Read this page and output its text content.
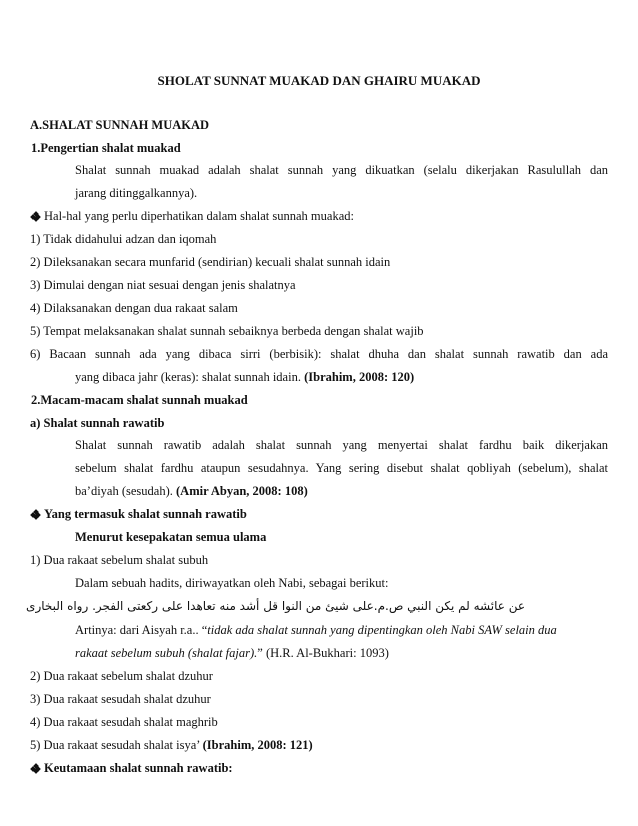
SHOLAT SUNNAT MUAKAD DAN GHAIRU MUAKAD
A.SHALAT SUNNAH MUAKAD
1.Pengertian shalat muakad
Shalat sunnah muakad adalah shalat sunnah yang dikuatkan (selalu dikerjakan Rasulullah dan
jarang ditinggalkannya).
Hal-hal yang perlu diperhatikan dalam shalat sunnah muakad:
1) Tidak didahului adzan dan iqomah
2) Dileksanakan secara munfarid (sendirian) kecuali shalat sunnah idain
3) Dimulai dengan niat sesuai dengan jenis shalatnya
4) Dilaksanakan dengan dua rakaat salam
5) Tempat melaksanakan shalat sunnah sebaiknya berbeda dengan shalat wajib
6) Bacaan sunnah ada yang dibaca sirri (berbisik): shalat dhuha dan shalat sunnah rawatib dan ada
yang dibaca jahr (keras): shalat sunnah idain. (Ibrahim, 2008: 120)
2.Macam-macam shalat sunnah muakad
a) Shalat sunnah rawatib
Shalat sunnah rawatib adalah shalat sunnah yang menyertai shalat fardhu baik dikerjakan
sebelum shalat fardhu ataupun sesudahnya. Yang sering disebut shalat qobliyah (sebelum), shalat
ba’diyah (sesudah). (Amir Abyan, 2008: 108)
Yang termasuk shalat sunnah rawatib
Menurut kesepakatan semua ulama
1) Dua rakaat sebelum shalat subuh
Dalam sebuah hadits, diriwayatkan oleh Nabi, sebagai berikut:
عن عائشه لم يكن النبي ص.م.على شيئ من النوا قل أشد منه تعاهدا على ركعتى الفجر. رواه البخارى
Artinya: dari Aisyah r.a.. “tidak ada shalat sunnah yang dipentingkan oleh Nabi SAW selain dua
rakaat sebelum subuh (shalat fajar).” (H.R. Al-Bukhari: 1093)
2) Dua rakaat sebelum shalat dzuhur
3) Dua rakaat sesudah shalat dzuhur
4) Dua rakaat sesudah shalat maghrib
5) Dua rakaat sesudah shalat isya’ (Ibrahim, 2008: 121)
Keutamaan shalat sunnah rawatib:
